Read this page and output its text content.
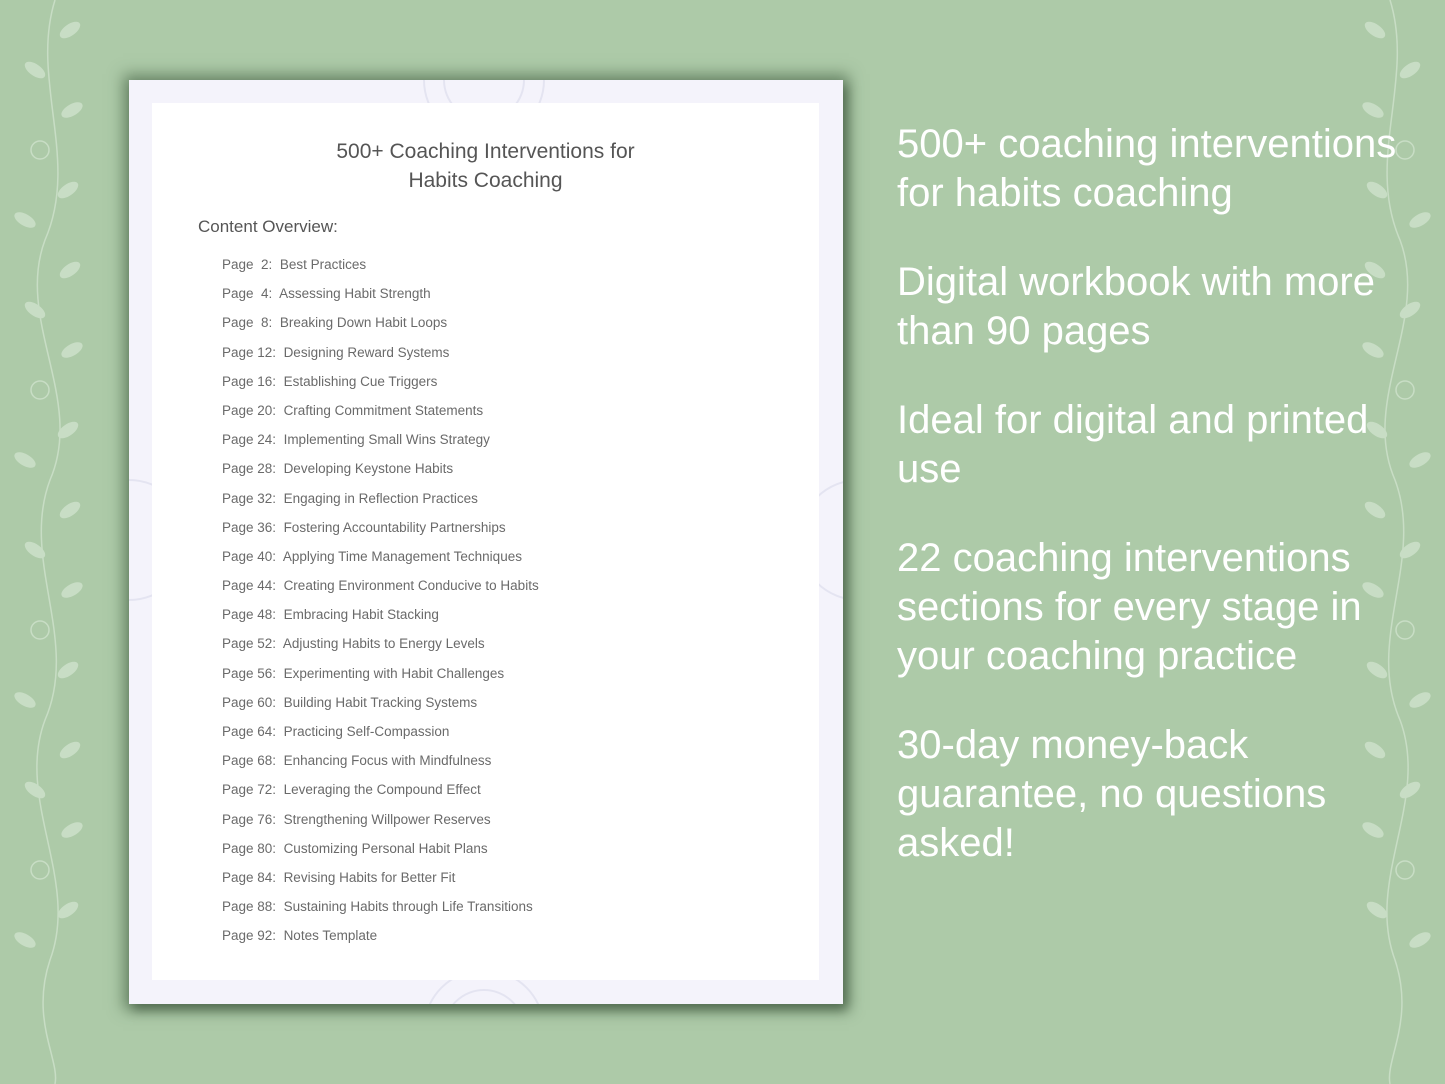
500+ Coaching Interventions for
Habits Coaching
Content Overview:
Page  2: Best Practices
Page  4: Assessing Habit Strength
Page  8: Breaking Down Habit Loops
Page 12: Designing Reward Systems
Page 16: Establishing Cue Triggers
Page 20: Crafting Commitment Statements
Page 24: Implementing Small Wins Strategy
Page 28: Developing Keystone Habits
Page 32: Engaging in Reflection Practices
Page 36: Fostering Accountability Partnerships
Page 40: Applying Time Management Techniques
Page 44: Creating Environment Conducive to Habits
Page 48: Embracing Habit Stacking
Page 52: Adjusting Habits to Energy Levels
Page 56: Experimenting with Habit Challenges
Page 60: Building Habit Tracking Systems
Page 64: Practicing Self-Compassion
Page 68: Enhancing Focus with Mindfulness
Page 72: Leveraging the Compound Effect
Page 76: Strengthening Willpower Reserves
Page 80: Customizing Personal Habit Plans
Page 84: Revising Habits for Better Fit
Page 88: Sustaining Habits through Life Transitions
Page 92: Notes Template

500+ coaching interventions for habits coaching

Digital workbook with more than 90 pages

Ideal for digital and printed use

22 coaching interventions sections for every stage in your coaching practice

30-day money-back guarantee, no questions asked!
